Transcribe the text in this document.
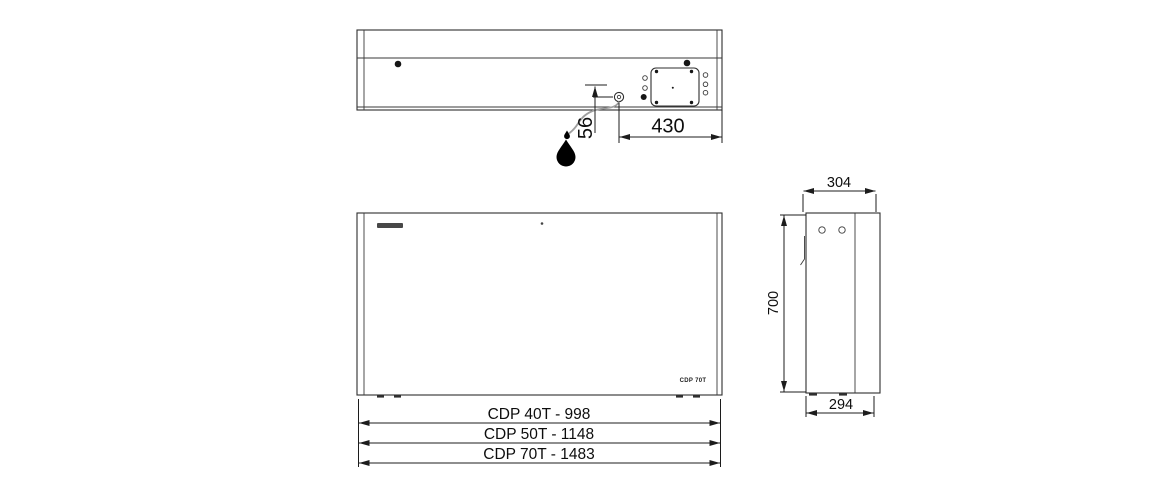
56	430
CDP 70T
CDP 40T - 998
CDP 50T - 1148
CDP 70T - 1483
304
700
294
